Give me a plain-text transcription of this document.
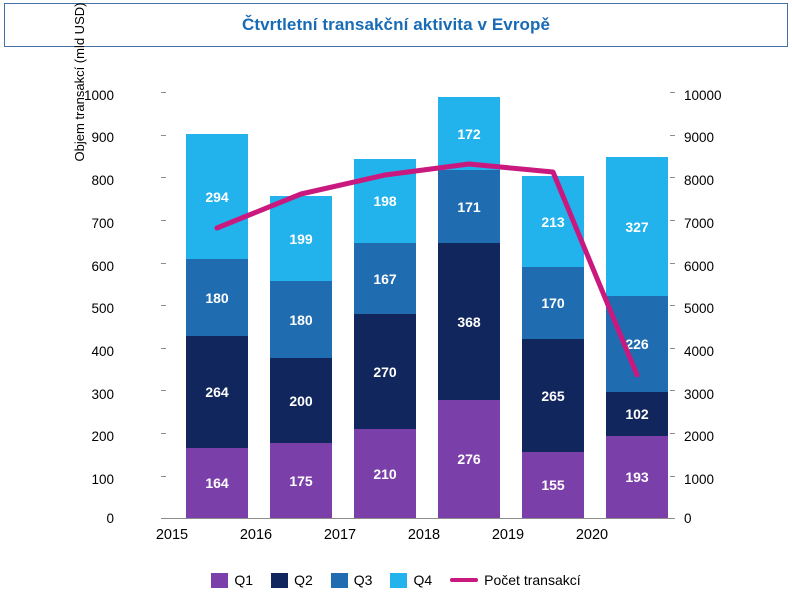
Čtvrtletní transakční aktivita v Evropě
Objem transakcí (mld USD)
1000
900
800
700
600
500
400
300
200
100
0
10000
9000
8000
7000
6000
5000
4000
3000
2000
1000
0
164
264
180
294
175
200
180
199
210
270
167
198
276
368
171
172
155
265
170
213
193
102
226
327
2015	2016	2017	2018	2019	2020
Q1	Q2	Q3	Q4	Počet transakcí
